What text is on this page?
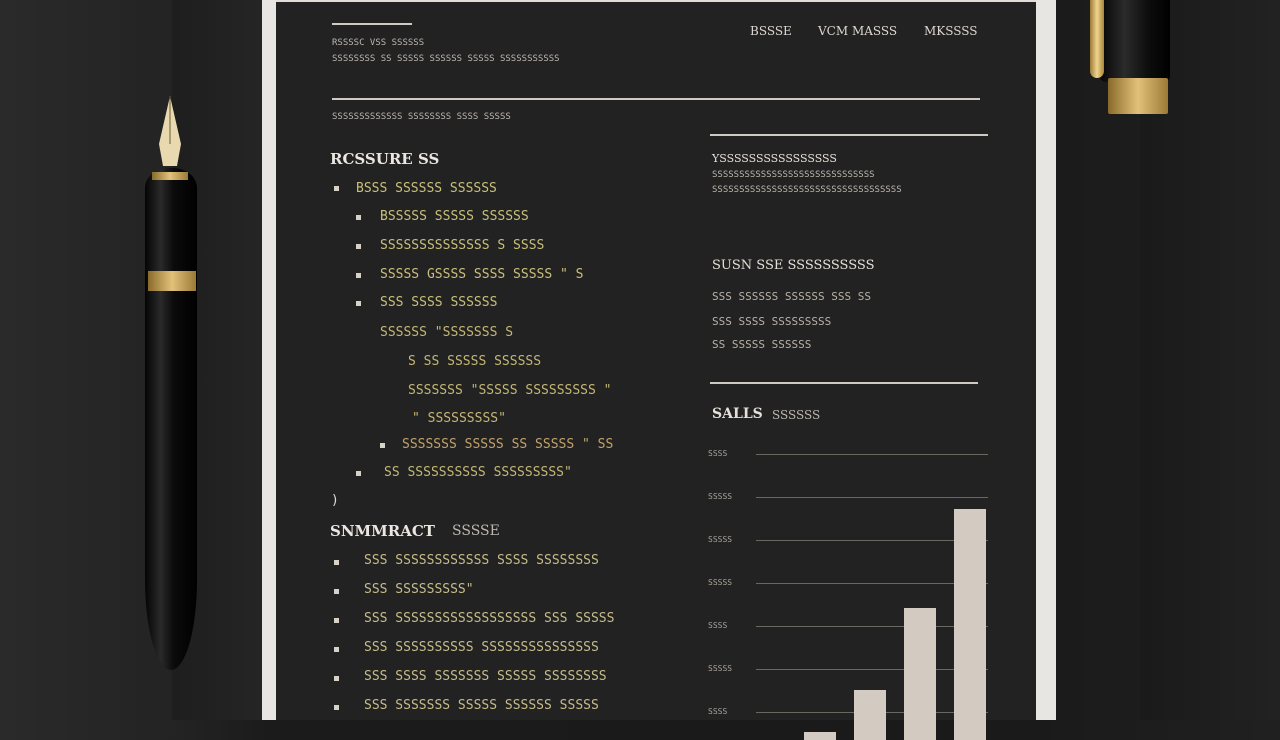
RSSSSC VSS SSSSSS
SSSSSSSS SS SSSSS SSSSSS SSSSS SSSSSSSSSSS
BSSSE VCM MASSS MKSSSS
SSSSSSSSSSSSS SSSSSSSS SSSS SSSSS
RCSSURE SS
BSSS SSSSSS SSSSSS
BSSSSS SSSSS SSSSSS
SSSSSSSSSSSSSS S SSSS
SSSSS GSSSS SSSS SSSSS " S
SSS SSSS SSSSSS
SSSSSS "SSSSSSS S
S SS SSSSS SSSSSS
SSSSSSS "SSSSS SSSSSSSSS "
" SSSSSSSSS"
SSSSSSS SSSSS SS SSSSS " SS
SS SSSSSSSSSS SSSSSSSSS"
)
SNMMRACT SSSSE
SSS SSSSSSSSSSSS SSSS SSSSSSSS
SSS SSSSSSSSS"
SSS SSSSSSSSSSSSSSSSSS SSS SSSSS
SSS SSSSSSSSSS SSSSSSSSSSSSSSS
SSS SSSS SSSSSSS SSSSS SSSSSSSS
SSS SSSSSSS SSSSS SSSSSS SSSSS
YSSSSSSSSSSSSSSSS
SSSSSSSSSSSSSSSSSSSSSSSSSSSSSS
SSSSSSSSSSSSSSSSSSSSSSSSSSSSSSSSSSS
SUSN SSE SSSSSSSSSS
SSS SSSSSS SSSSSS SSS SS
SSS SSSS SSSSSSSSS
SS SSSSS SSSSSS
SALLS SSSSSS
SSSS
SSSSS
SSSSS
SSSSS
SSSS
SSSSS
SSSS
